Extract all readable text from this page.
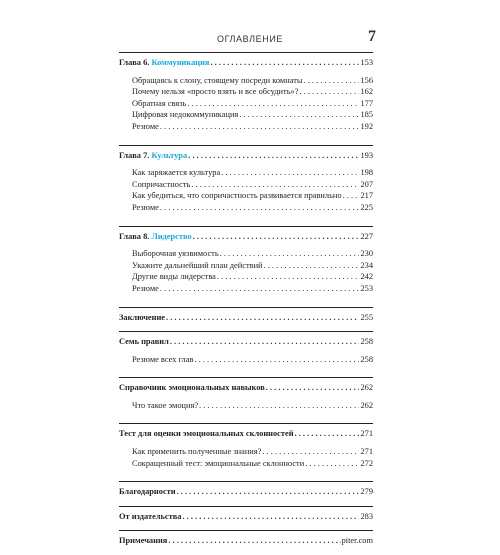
ОГЛАВЛЕНИЕ	7
Глава 6. Коммуникация . . .	153
Обращаясь к слону, стоящему посреди комнаты . . .	156
Почему нельзя «просто взять и все обсудить»? . . .	162
Обратная связь . . .	177
Цифровая недокоммуникация . . .	185
Резюме . . .	192
Глава 7. Культура . . .	193
Как заряжается культура . . .	198
Сопричастность . . .	207
Как убедиться, что сопричастность развивается правильно . . . 217
Резюме . . .	225
Глава 8. Лидерство . . .	227
Выборочная уязвимость . . .	230
Укажите дальнейший план действий . . .	234
Другие виды лидерства . . .	242
Резюме . . .	253
Заключение . . .	255
Семь правил . . .	258
Резюме всех глав . . .	258
Справочник эмоциональных навыков . . .	262
Что такое эмоция? . . .	262
Тест для оценки эмоциональных склонностей . . .	271
Как применить полученные знания? . . .	271
Сокращенный тест: эмоциональные склонности . . .	272
Благодарности . . .	279
От издательства . . .	283
Примечания . . .	piter.com
